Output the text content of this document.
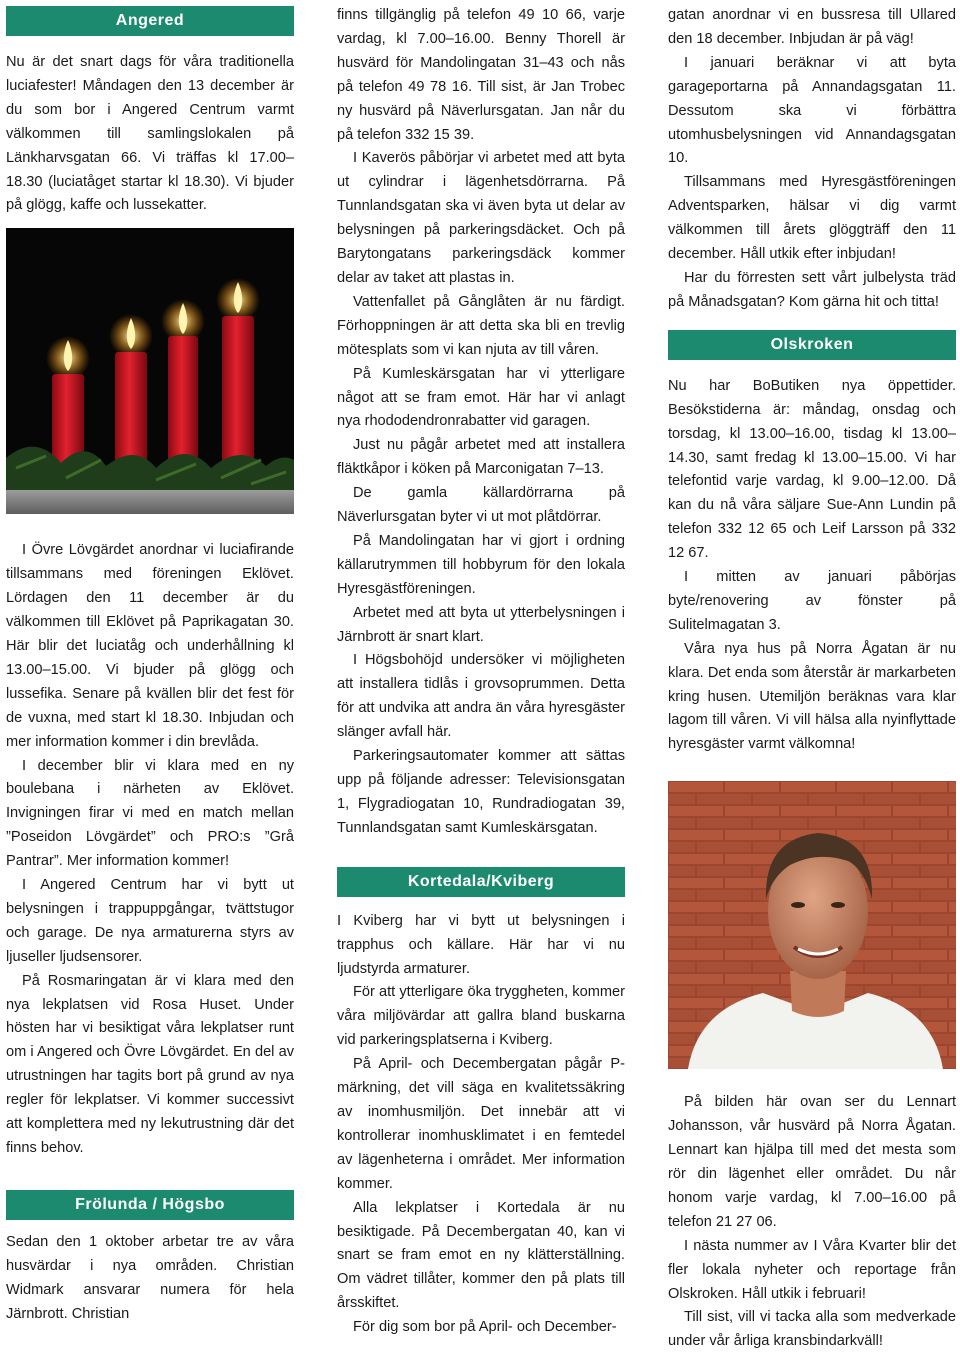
Angered

Nu är det snart dags för våra traditionella luciafester! Måndagen den 13 december är du som bor i Angered Centrum varmt välkommen till samlingslokalen på Länkharvsgatan 66. Vi träffas kl 17.00–18.30 (luciatåget startar kl 18.30). Vi bjuder på glögg, kaffe och lussekatter.

I Övre Lövgärdet anordnar vi luciafirande tillsammans med föreningen Eklövet. Lördagen den 11 december är du välkommen till Eklövet på Paprikagatan 30. Här blir det luciatåg och underhållning kl 13.00–15.00. Vi bjuder på glögg och lussefika. Senare på kvällen blir det fest för de vuxna, med start kl 18.30. Inbjudan och mer information kommer i din brevlåda.

I december blir vi klara med en ny boulebana i närheten av Eklövet. Invigningen firar vi med en match mellan ”Poseidon Lövgärdet” och PRO:s ”Grå Pantrar”. Mer information kommer!

I Angered Centrum har vi bytt ut belysningen i trappuppgångar, tvättstugor och garage. De nya armaturerna styrs av ljuseller ljudsensorer.

På Rosmaringatan är vi klara med den nya lekplatsen vid Rosa Huset. Under hösten har vi besiktigat våra lekplatser runt om i Angered och Övre Lövgärdet. En del av utrustningen har tagits bort på grund av nya regler för lekplatser. Vi kommer successivt att komplettera med ny lekutrustning där det finns behov.

Frölunda / Högsbo

Sedan den 1 oktober arbetar tre av våra husvärdar i nya områden. Christian Widmark ansvarar numera för hela Järnbrott. Christian

finns tillgänglig på telefon 49 10 66, varje vardag, kl 7.00–16.00. Benny Thorell är husvärd för Mandolingatan 31–43 och nås på telefon 49 78 16. Till sist, är Jan Trobec ny husvärd på Näverlursgatan. Jan når du på telefon 332 15 39.

I Kaverös påbörjar vi arbetet med att byta ut cylindrar i lägenhetsdörrarna. På Tunnlandsgatan ska vi även byta ut delar av belysningen på parkeringsdäcket. Och på Barytongatans parkeringsdäck kommer delar av taket att plastas in.

Vattenfallet på Gånglåten är nu färdigt. Förhoppningen är att detta ska bli en trevlig mötesplats som vi kan njuta av till våren.

På Kumleskärsgatan har vi ytterligare något att se fram emot. Här har vi anlagt nya rhododendronrabatter vid garagen.

Just nu pågår arbetet med att installera fläktkåpor i köken på Marconigatan 7–13.

De gamla källardörrarna på Näverlursgatan byter vi ut mot plåtdörrar.

På Mandolingatan har vi gjort i ordning källarutrymmen till hobbyrum för den lokala Hyresgästföreningen.

Arbetet med att byta ut ytterbelysningen i Järnbrott är snart klart.

I Högsbohöjd undersöker vi möjligheten att installera tidlås i grovsoprummen. Detta för att undvika att andra än våra hyresgäster slänger avfall här.

Parkeringsautomater kommer att sättas upp på följande adresser: Televisionsgatan 1, Flygradiogatan 10, Rundradiogatan 39, Tunnlandsgatan samt Kumleskärsgatan.

Kortedala/Kviberg

I Kviberg har vi bytt ut belysningen i trapphus och källare. Här har vi nu ljudstyrda armaturer.

För att ytterligare öka tryggheten, kommer våra miljövärdar att gallra bland buskarna vid parkeringsplatserna i Kviberg.

På April- och Decembergatan pågår P-märkning, det vill säga en kvalitetssäkring av inomhusmiljön. Det innebär att vi kontrollerar inomhusklimatet i en femtedel av lägenheterna i området. Mer information kommer.

Alla lekplatser i Kortedala är nu besiktigade. På Decembergatan 40, kan vi snart se fram emot en ny klätterställning. Om vädret tillåter, kommer den på plats till årsskiftet.

För dig som bor på April- och December-

gatan anordnar vi en bussresa till Ullared den 18 december. Inbjudan är på väg!

I januari beräknar vi att byta garageportarna på Annandagsgatan 11. Dessutom ska vi förbättra utomhusbelysningen vid Annandagsgatan 10.

Tillsammans med Hyresgästföreningen Adventsparken, hälsar vi dig varmt välkommen till årets glöggträff den 11 december. Håll utkik efter inbjudan!

Har du förresten sett vårt julbelysta träd på Månadsgatan? Kom gärna hit och titta!

Olskroken

Nu har BoButiken nya öppettider. Besökstiderna är: måndag, onsdag och torsdag, kl 13.00–16.00, tisdag kl 13.00–14.30, samt fredag kl 13.00–15.00. Vi har telefontid varje vardag, kl 9.00–12.00. Då kan du nå våra säljare Sue-Ann Lundin på telefon 332 12 65 och Leif Larsson på 332 12 67.

I mitten av januari påbörjas byte/renovering av fönster på Sulitelmagatan 3.

Våra nya hus på Norra Ågatan är nu klara. Det enda som återstår är markarbeten kring husen. Utemiljön beräknas vara klar lagom till våren. Vi vill hälsa alla nyinflyttade hyresgäster varmt välkomna!

På bilden här ovan ser du Lennart Johansson, vår husvärd på Norra Ågatan. Lennart kan hjälpa till med det mesta som rör din lägenhet eller området. Du når honom varje vardag, kl 7.00–16.00 på telefon 21 27 06.

I nästa nummer av I Våra Kvarter blir det fler lokala nyheter och reportage från Olskroken. Håll utkik i februari!

Till sist, vill vi tacka alla som medverkade under vår årliga kransbindarkväll!
